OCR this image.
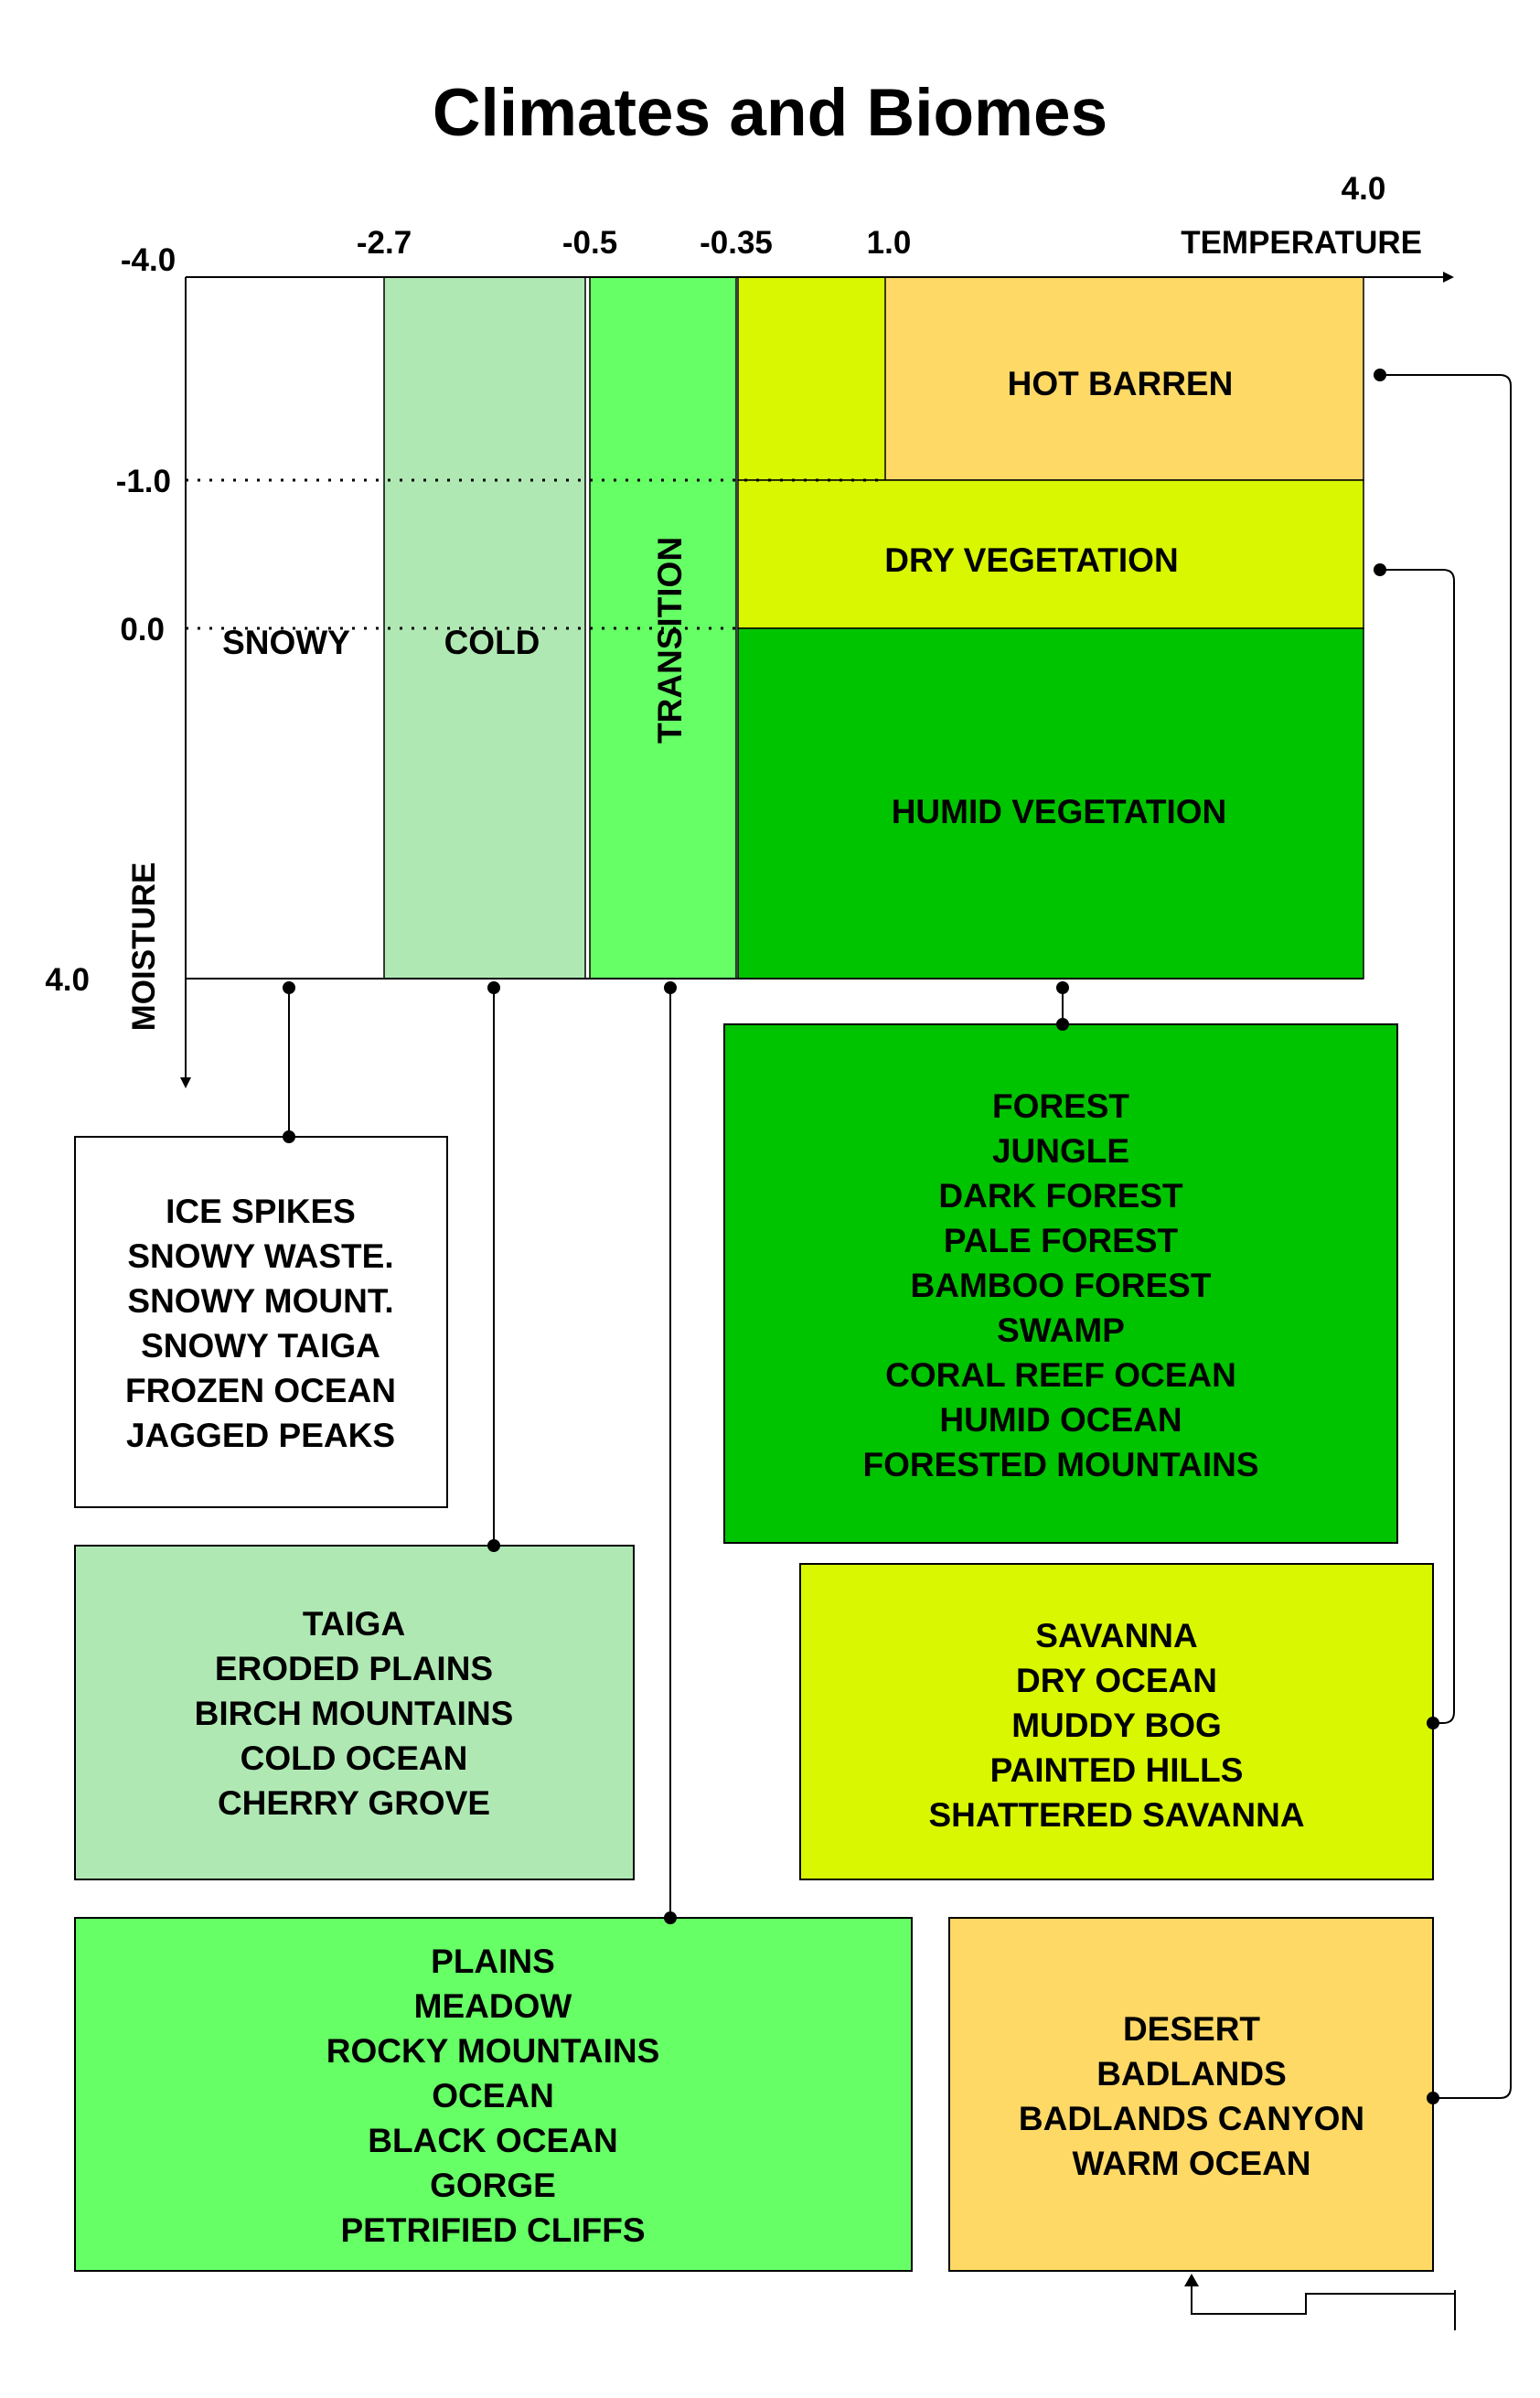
Climates and Biomes
-4.0	-2.7	-0.5	-0.35	1.0
4.0
TEMPERATURE
-1.0
0.0
4.0 MOISTURE
SNOWY	COLD	TRANSITION
HOT BARREN
DRY VEGETATION
HUMID VEGETATION
ICE SPIKES
SNOWY WASTE.
SNOWY MOUNT.
SNOWY TAIGA
FROZEN OCEAN
JAGGED PEAKS
TAIGA
ERODED PLAINS
BIRCH MOUNTAINS
COLD OCEAN
CHERRY GROVE
PLAINS
MEADOW
ROCKY MOUNTAINS
OCEAN
BLACK OCEAN
GORGE
PETRIFIED CLIFFS
FOREST
JUNGLE
DARK FOREST
PALE FOREST
BAMBOO FOREST
SWAMP
CORAL REEF OCEAN
HUMID OCEAN
FORESTED MOUNTAINS
SAVANNA
DRY OCEAN
MUDDY BOG
PAINTED HILLS
SHATTERED SAVANNA
DESERT
BADLANDS
BADLANDS CANYON
WARM OCEAN
